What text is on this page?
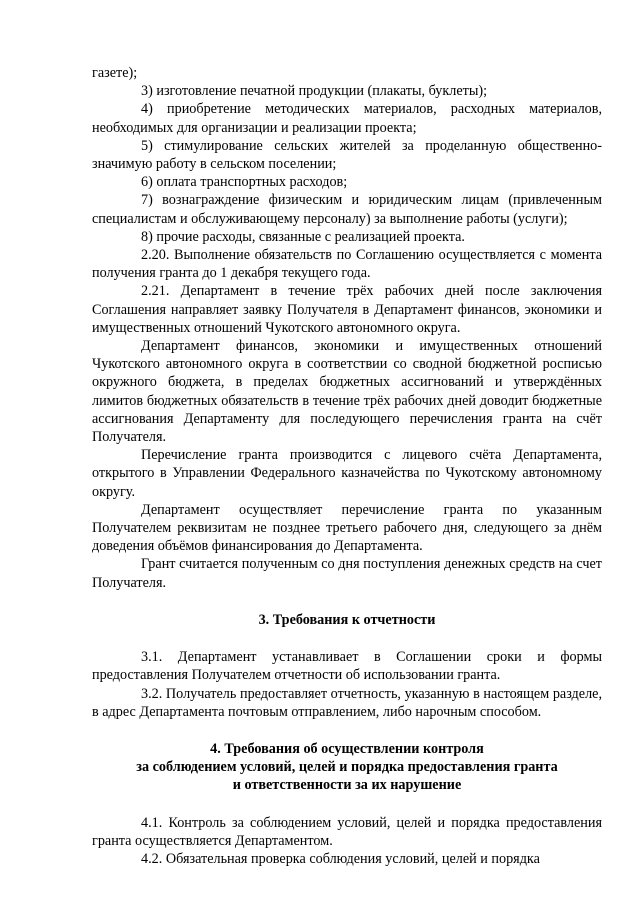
газете);

3) изготовление печатной продукции (плакаты, буклеты);

4) приобретение методических материалов, расходных материалов, необходимых для организации и реализации проекта;

5) стимулирование сельских жителей за проделанную общественно-значимую работу в сельском поселении;

6) оплата транспортных расходов;

7) вознаграждение физическим и юридическим лицам (привлеченным специалистам и обслуживающему персоналу) за выполнение работы (услуги);

8) прочие расходы, связанные с реализацией проекта.

2.20. Выполнение обязательств по Соглашению осуществляется с момента получения гранта до 1 декабря текущего года.

2.21. Департамент в течение трёх рабочих дней после заключения Соглашения направляет заявку Получателя в Департамент финансов, экономики и имущественных отношений Чукотского автономного округа.

Департамент финансов, экономики и имущественных отношений Чукотского автономного округа в соответствии со сводной бюджетной росписью окружного бюджета, в пределах бюджетных ассигнований и утверждённых лимитов бюджетных обязательств в течение трёх рабочих дней доводит бюджетные ассигнования Департаменту для последующего перечисления гранта на счёт Получателя.

Перечисление гранта производится с лицевого счёта Департамента, открытого в Управлении Федерального казначейства по Чукотскому автономному округу.

Департамент осуществляет перечисление гранта по указанным Получателем реквизитам не позднее третьего рабочего дня, следующего за днём доведения объёмов финансирования до Департамента.

Грант считается полученным со дня поступления денежных средств на счет Получателя.

3. Требования к отчетности

3.1. Департамент устанавливает в Соглашении сроки и формы предоставления Получателем отчетности об использовании гранта.

3.2. Получатель предоставляет отчетность, указанную в настоящем разделе, в адрес Департамента почтовым отправлением, либо нарочным способом.

4. Требования об осуществлении контроля
за соблюдением условий, целей и порядка предоставления гранта
и ответственности за их нарушение

4.1. Контроль за соблюдением условий, целей и порядка предоставления гранта осуществляется Департаментом.

4.2. Обязательная проверка соблюдения условий, целей и порядка
